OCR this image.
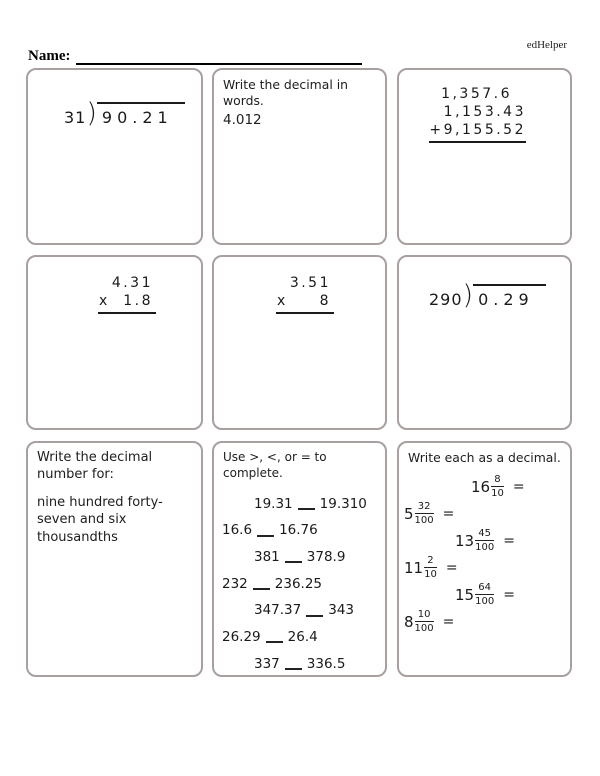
edHelper
Name:
31) 90.21
Write the decimal in words.
4.012
1,357.6
1,153.43
+9,155.52
4.31
x 1.8
3.51
x 8	290) 0.29
Write the decimal number for:
nine hundred forty-seven and six thousandths
Use >, <, or = to complete.
19.31 19.310
16.6 16.76
381 378.9
232 236.25
347.37 343
26.29 26.4
337 336.5
Write each as a decimal.
$16 \frac{8}{10}$ =
$5 \frac{32}{100}$ =
$13 \frac{45}{100}$ =
$11 \frac{2}{10}$ =
$15 \frac{64}{100}$ =
$8 \frac{10}{100}$ =
